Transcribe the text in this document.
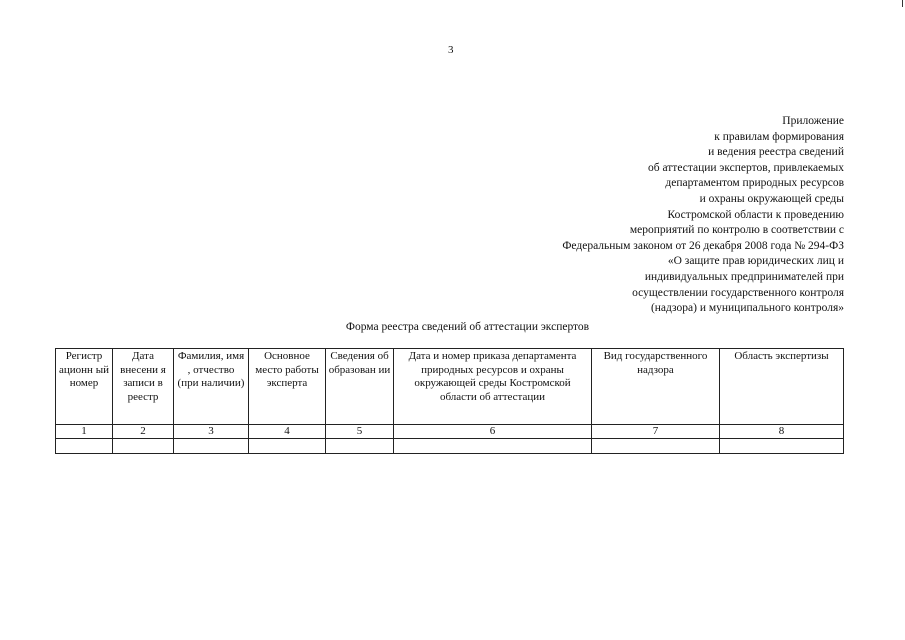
3
Приложение
к правилам формирования
и ведения реестра сведений
об аттестации экспертов, привлекаемых
департаментом природных ресурсов
и охраны окружающей среды
Костромской области к проведению
мероприятий по контролю в соответствии с
Федеральным законом от 26 декабря 2008 года № 294-ФЗ
«О защите прав юридических лиц и
индивидуальных предпринимателей при
осуществлении государственного контроля
(надзора) и муниципального контроля»
Форма реестра сведений об аттестации экспертов
Регистр ационн ый номер	Дата внесени я записи в реестр	Фамилия, имя , отчество (при наличии)	Основное место работы эксперта	Сведения об образован ии	Дата и номер приказа департамента природных ресурсов и охраны окружающей среды Костромской области об аттестации	Вид государственного надзора	Область экспертизы
1	2	3	4	5	6	7	8
